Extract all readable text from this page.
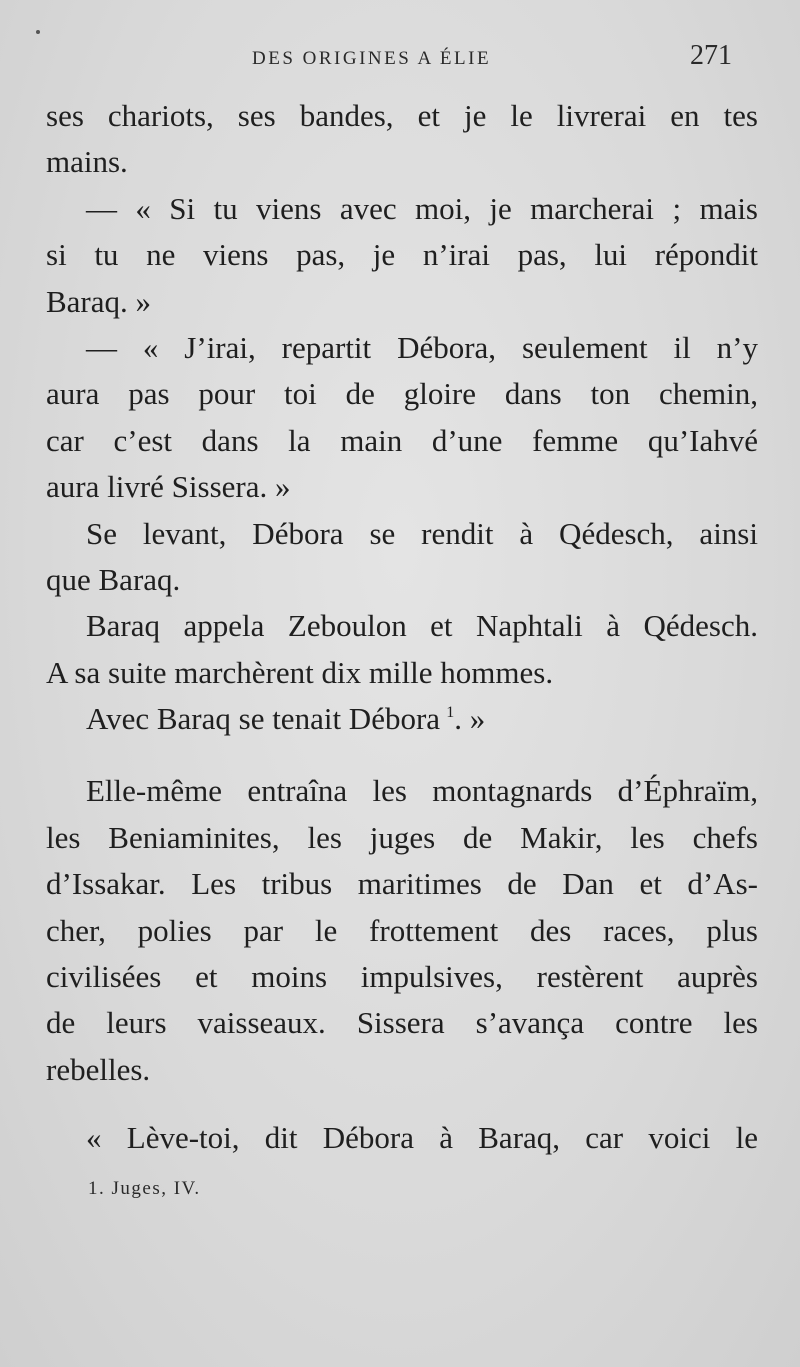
DES ORIGINES A ÉLIE	271
ses chariots, ses bandes, et je le livrerai en tes
mains.
— « Si tu viens avec moi, je marcherai ; mais
si tu ne viens pas, je n’irai pas, lui répondit
Baraq. »
— « J’irai, repartit Débora, seulement il n’y
aura pas pour toi de gloire dans ton chemin,
car c’est dans la main d’une femme qu’Iahvé
aura livré Sissera. »
Se levant, Débora se rendit à Qédesch, ainsi
que Baraq.
Baraq appela Zeboulon et Naphtali à Qédesch.
A sa suite marchèrent dix mille hommes.
Avec Baraq se tenait Débora  $^1$. »
Elle-même entraîna les montagnards d’Éphraïm,
les Beniaminites, les juges de Makir, les chefs
d’Issakar. Les tribus maritimes de Dan et d’As-
cher, polies par le frottement des races, plus
civilisées et moins impulsives, restèrent auprès
de leurs vaisseaux. Sissera s’avança contre les
rebelles.
« Lève-toi, dit Débora à Baraq, car voici le
1. Juges, IV.
